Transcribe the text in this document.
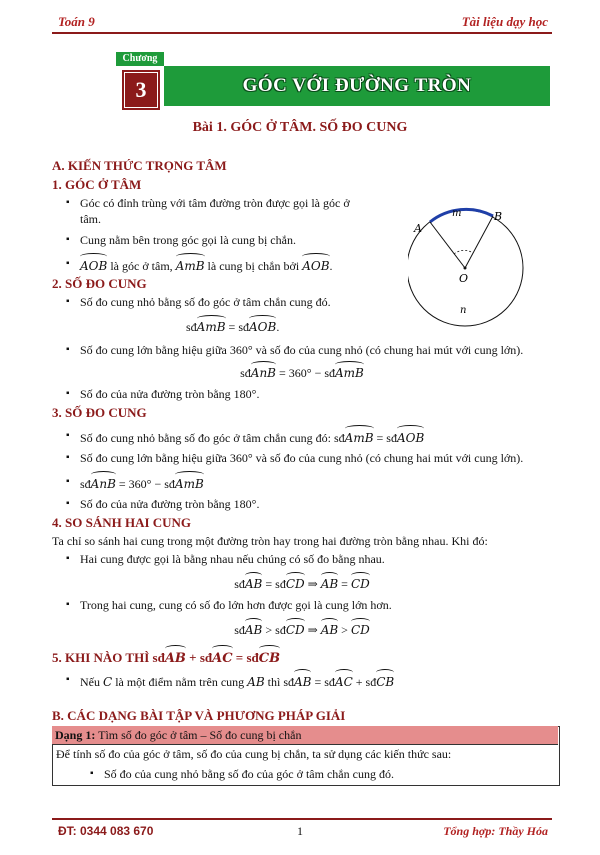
Toán 9	Tài liệu dạy học
Chương
GÓC VỚI ĐƯỜNG TRÒN
3
Bài 1. GÓC Ở TÂM. SỐ ĐO CUNG
A. KIẾN THỨC TRỌNG TÂM
1. GÓC Ở TÂM
▪ Góc có đỉnh trùng với tâm đường tròn được gọi là góc ở
tâm.
▪ Cung nằm bên trong góc gọi là cung bị chắn.
▪ AOB là góc ở tâm, AmB là cung bị chắn bởi AOB.
A
B
O
m
n
2. SỐ ĐO CUNG
▪ Số đo cung nhỏ bằng số đo góc ở tâm chắn cung đó.
sđAmB = sđAOB.
▪ Số đo cung lớn bằng hiệu giữa 360° và số đo của cung nhỏ (có chung hai mút với cung lớn).
sđAnB = 360° − sđAmB
▪ Số đo của nửa đường tròn bằng 180°.
3. SỐ ĐO CUNG
▪ Số đo cung nhỏ bằng số đo góc ở tâm chắn cung đó: sđAmB = sđAOB
▪ Số đo cung lớn bằng hiệu giữa 360° và số đo của cung nhỏ (có chung hai mút với cung lớn).
▪ sđAnB = 360° − sđAmB
▪ Số đo của nửa đường tròn bằng 180°.
4. SO SÁNH HAI CUNG
Ta chỉ so sánh hai cung trong một đường tròn hay trong hai đường tròn bằng nhau. Khi đó:
▪ Hai cung được gọi là bằng nhau nếu chúng có số đo bằng nhau.
sđAB = sđCD ⇒ AB = CD
▪ Trong hai cung, cung có số đo lớn hơn được gọi là cung lớn hơn.
sđAB > sđCD ⇒ AB > CD
5. KHI NÀO THÌ sđAB + sđAC = sđCB
▪ Nếu C là một điểm nằm trên cung AB thì sđAB = sđAC + sđCB
B. CÁC DẠNG BÀI TẬP VÀ PHƯƠNG PHÁP GIẢI
Dạng 1: Tìm số đo góc ở tâm – Số đo cung bị chắn
Để tính số đo của góc ở tâm, số đo của cung bị chắn, ta sử dụng các kiến thức sau:
▪ Số đo của cung nhỏ bằng số đo của góc ở tâm chắn cung đó.
ĐT: 0344 083 670	1	Tổng hợp: Thầy Hóa
